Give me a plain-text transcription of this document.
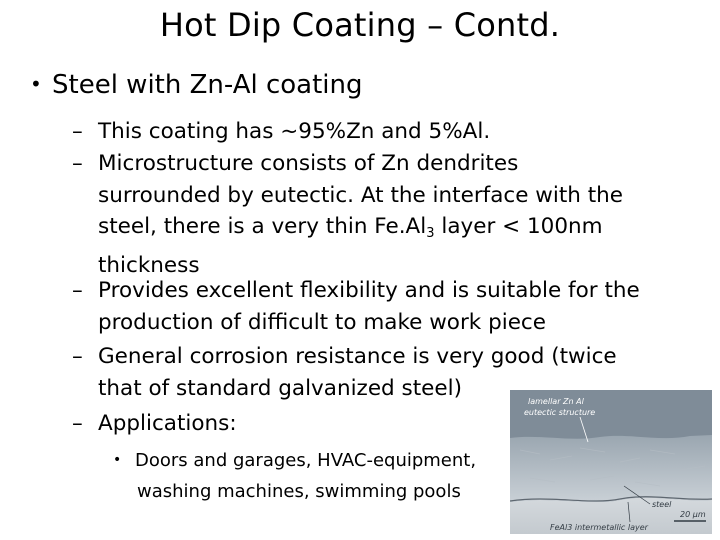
Hot Dip Coating – Contd.
• Steel with Zn-Al coating
– This coating has ~95%Zn and 5%Al.
– Microstructure consists of Zn dendrites
surrounded by eutectic. At the interface with the
steel, there is a very thin $Fe.Al_3$ layer < 100nm
thickness
– Provides excellent flexibility and is suitable for the
production of difficult to make work piece
– General corrosion resistance is very good (twice
that of standard galvanized steel)
– Applications:
• Doors and garages, HVAC-equipment,
washing machines, swimming pools
lamellar Zn Al
eutectic structure
steel
FeAl3 intermetallic layer
20 µm
